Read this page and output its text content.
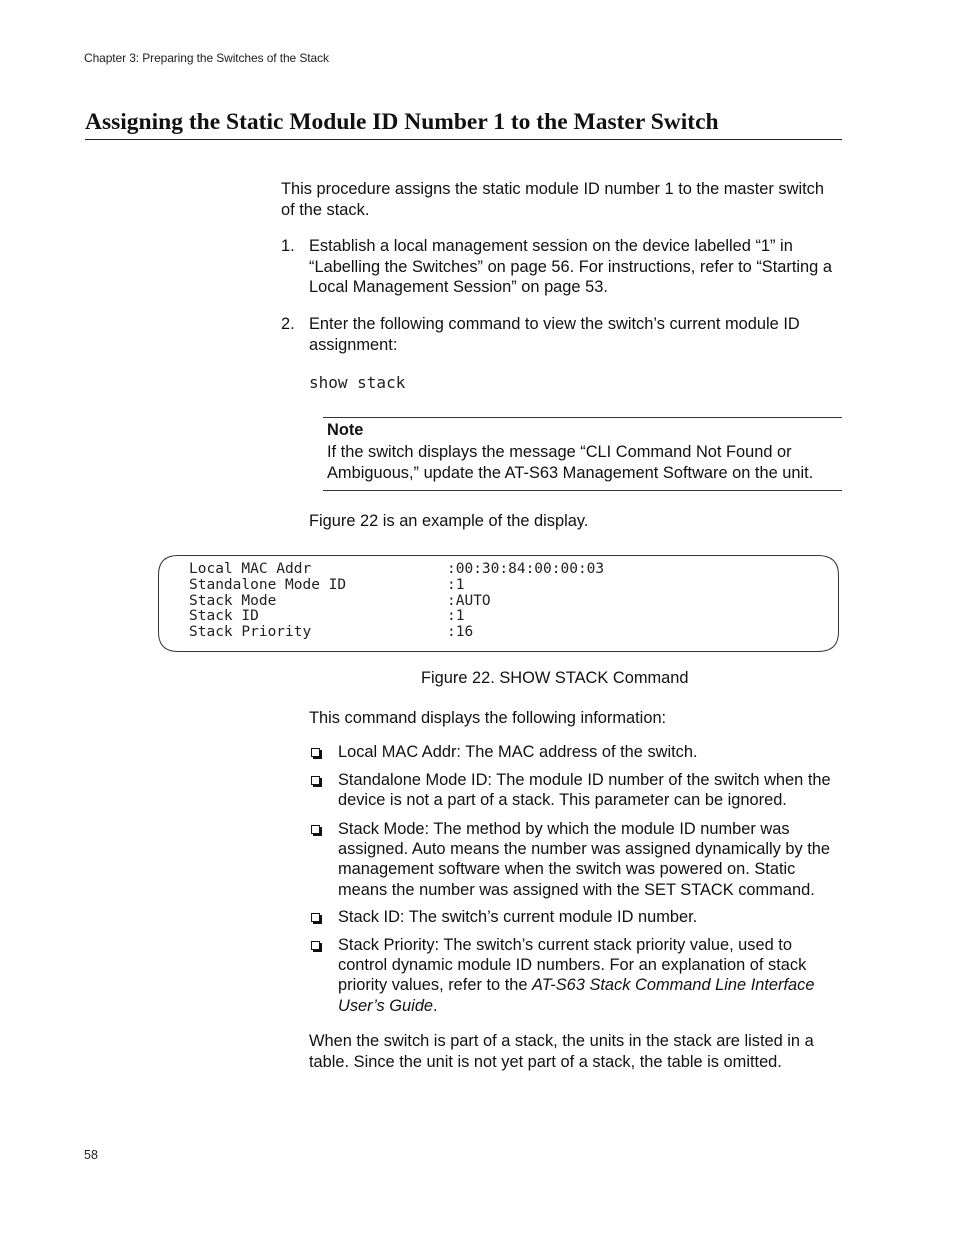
Chapter 3: Preparing the Switches of the Stack
Assigning the Static Module ID Number 1 to the Master Switch
This procedure assigns the static module ID number 1 to the master switch of the stack.
1. Establish a local management session on the device labelled “1” in “Labelling the Switches” on page 56. For instructions, refer to “Starting a Local Management Session” on page 53.
2. Enter the following command to view the switch’s current module ID assignment:
show stack
Note
If the switch displays the message “CLI Command Not Found or Ambiguous,” update the AT-S63 Management Software on the unit.
Figure 22 is an example of the display.
Local MAC Addr	:00:30:84:00:00:03
Standalone Mode ID	:1
Stack Mode	:AUTO
Stack ID	:1
Stack Priority	:16
Figure 22. SHOW STACK Command
This command displays the following information:
Local MAC Addr: The MAC address of the switch.
Standalone Mode ID: The module ID number of the switch when the device is not a part of a stack. This parameter can be ignored.
Stack Mode: The method by which the module ID number was assigned. Auto means the number was assigned dynamically by the management software when the switch was powered on. Static means the number was assigned with the SET STACK command.
Stack ID: The switch’s current module ID number.
Stack Priority: The switch’s current stack priority value, used to control dynamic module ID numbers. For an explanation of stack priority values, refer to the AT-S63 Stack Command Line Interface User’s Guide.
When the switch is part of a stack, the units in the stack are listed in a table. Since the unit is not yet part of a stack, the table is omitted.
58
